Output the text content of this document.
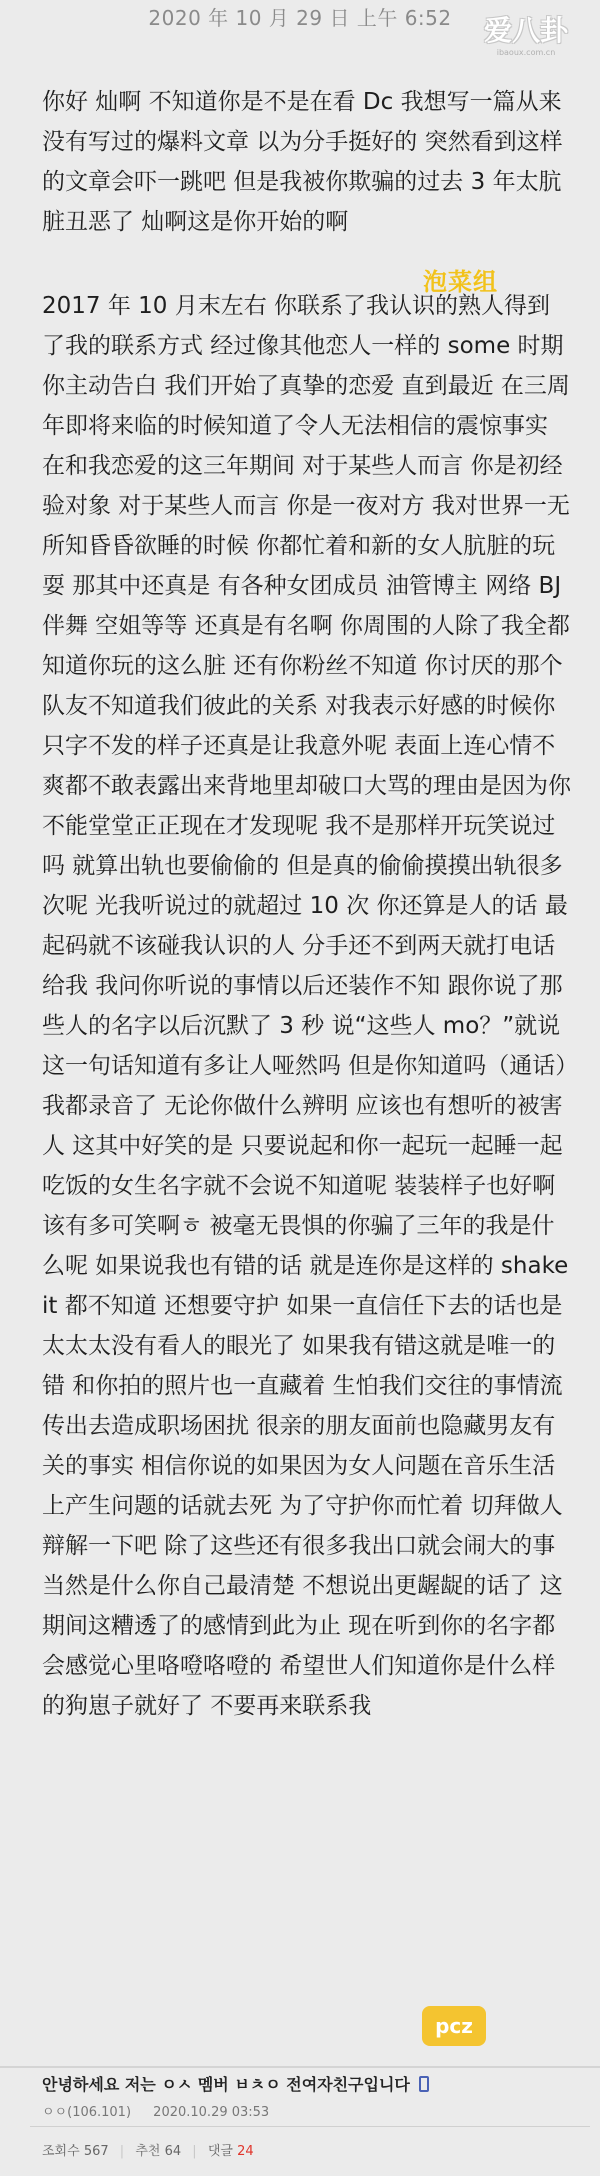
2020 年 10 月 29 日 上午 6:52	爱八卦
ibaoux.com.cn

你好 灿啊 不知道你是不是在看 Dc 我想写一篇从来没有写过的爆料文章 以为分手挺好的 突然看到这样的文章会吓一跳吧 但是我被你欺骗的过去 3 年太肮脏丑恶了 灿啊这是你开始的啊

2017 年 10 月末左右 你联系了我认识的熟人得到了我的联系方式 经过像其他恋人一样的 some 时期 你主动告白 我们开始了真挚的恋爱 直到最近 在三周年即将来临的时候知道了令人无法相信的震惊事实 在和我恋爱的这三年期间 对于某些人而言 你是初经验对象 对于某些人而言 你是一夜对方 我对世界一无所知昏昏欲睡的时候 你都忙着和新的女人肮脏的玩耍 那其中还真是 有各种女团成员 油管博主 网络 BJ 伴舞 空姐等等 还真是有名啊 你周围的人除了我全都知道你玩的这么脏 还有你粉丝不知道 你讨厌的那个队友不知道我们彼此的关系 对我表示好感的时候你只字不发的样子还真是让我意外呢 表面上连心情不爽都不敢表露出来背地里却破口大骂的理由是因为你不能堂堂正正现在才发现呢 我不是那样开玩笑说过吗 就算出轨也要偷偷的 但是真的偷偷摸摸出轨很多次呢 光我听说过的就超过 10 次 你还算是人的话 最起码就不该碰我认识的人 分手还不到两天就打电话给我 我问你听说的事情以后还装作不知 跟你说了那些人的名字以后沉默了 3 秒 说“这些人 mo？”就说这一句话知道有多让人哑然吗 但是你知道吗（通话）我都录音了 无论你做什么辨明 应该也有想听的被害人 这其中好笑的是 只要说起和你一起玩一起睡一起吃饭的女生名字就不会说不知道呢 装装样子也好啊 该有多可笑啊ㅎ 被毫无畏惧的你骗了三年的我是什么呢 如果说我也有错的话 就是连你是这样的 shake it 都不知道 还想要守护 如果一直信任下去的话也是太太太没有看人的眼光了 如果我有错这就是唯一的错 和你拍的照片也一直藏着 生怕我们交往的事情流传出去造成职场困扰 很亲的朋友面前也隐藏男友有关的事实 相信你说的如果因为女人问题在音乐生活上产生问题的话就去死 为了守护你而忙着 切拜做人辩解一下吧 除了这些还有很多我出口就会闹大的事 当然是什么你自己最清楚 不想说出更龌龊的话了 这期间这糟透了的感情到此为止 现在听到你的名字都会感觉心里咯噔咯噔的 希望世人们知道你是什么样的狗崽子就好了 不要再来联系我

泡菜组
pcz
안녕하세요 저는 ㅇㅅ 멤버 ㅂㅊㅇ 전여자친구입니다
ㅇㅇ(106.101) 2020.10.29 03:53
조회수 567 | 추천 64 | 댓글 24
